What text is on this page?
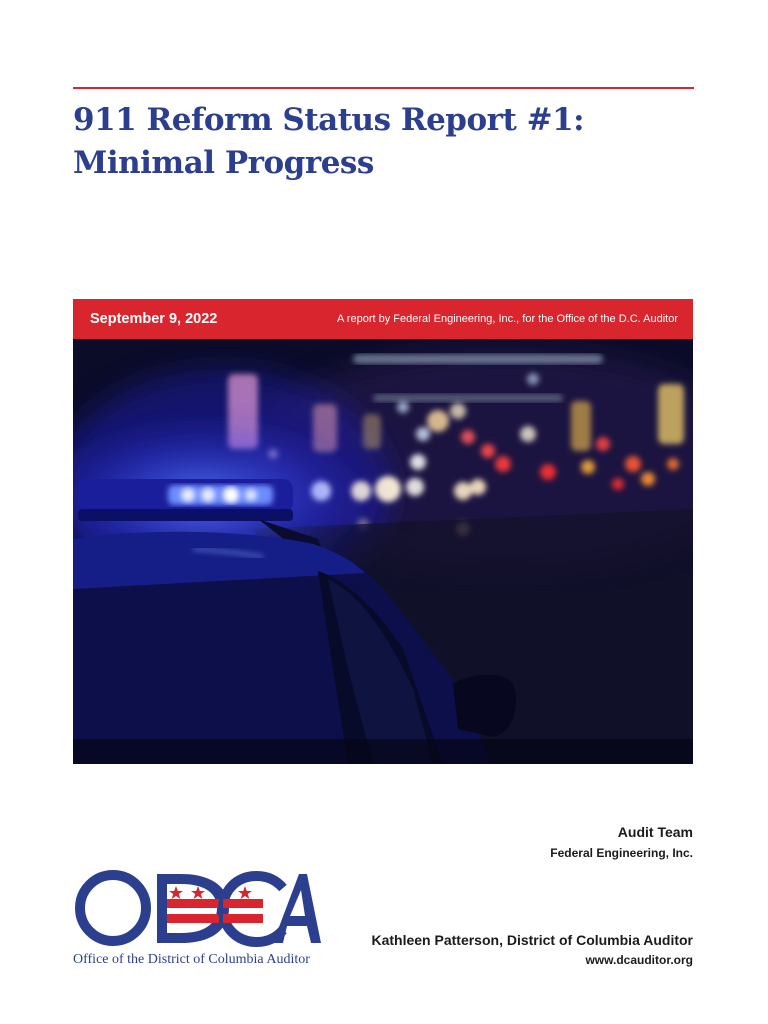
911 Reform Status Report #1:
Minimal Progress
September 9, 2022	A report by Federal Engineering, Inc., for the Office of the D.C. Auditor
Audit Team
Federal Engineering, Inc.
Office of the District of Columbia Auditor
Kathleen Patterson, District of Columbia Auditor
www.dcauditor.org
